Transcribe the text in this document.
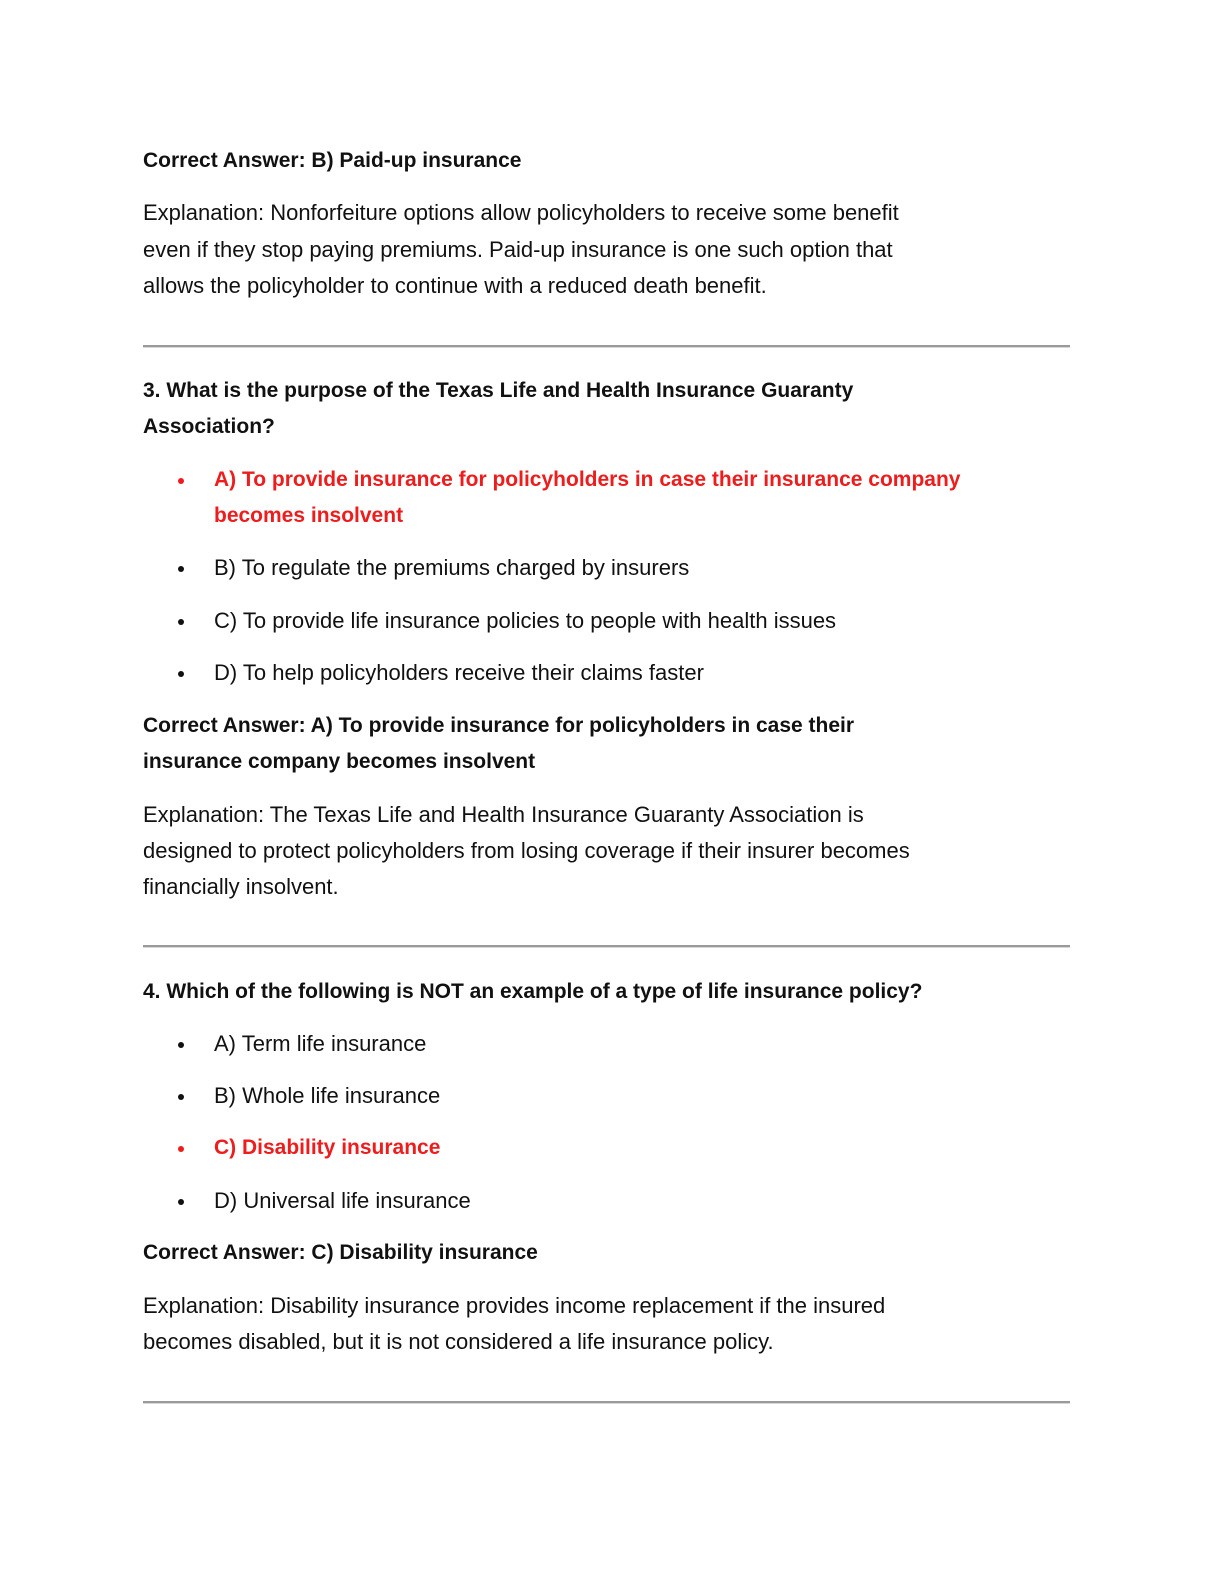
Correct Answer: B) Paid-up insurance
Explanation: Nonforfeiture options allow policyholders to receive some benefit
even if they stop paying premiums. Paid-up insurance is one such option that
allows the policyholder to continue with a reduced death benefit.
3. What is the purpose of the Texas Life and Health Insurance Guaranty
Association?
A) To provide insurance for policyholders in case their insurance company
becomes insolvent
B) To regulate the premiums charged by insurers
C) To provide life insurance policies to people with health issues
D) To help policyholders receive their claims faster
Correct Answer: A) To provide insurance for policyholders in case their
insurance company becomes insolvent
Explanation: The Texas Life and Health Insurance Guaranty Association is
designed to protect policyholders from losing coverage if their insurer becomes
financially insolvent.
4. Which of the following is NOT an example of a type of life insurance policy?
A) Term life insurance
B) Whole life insurance
C) Disability insurance
D) Universal life insurance
Correct Answer: C) Disability insurance
Explanation: Disability insurance provides income replacement if the insured
becomes disabled, but it is not considered a life insurance policy.
